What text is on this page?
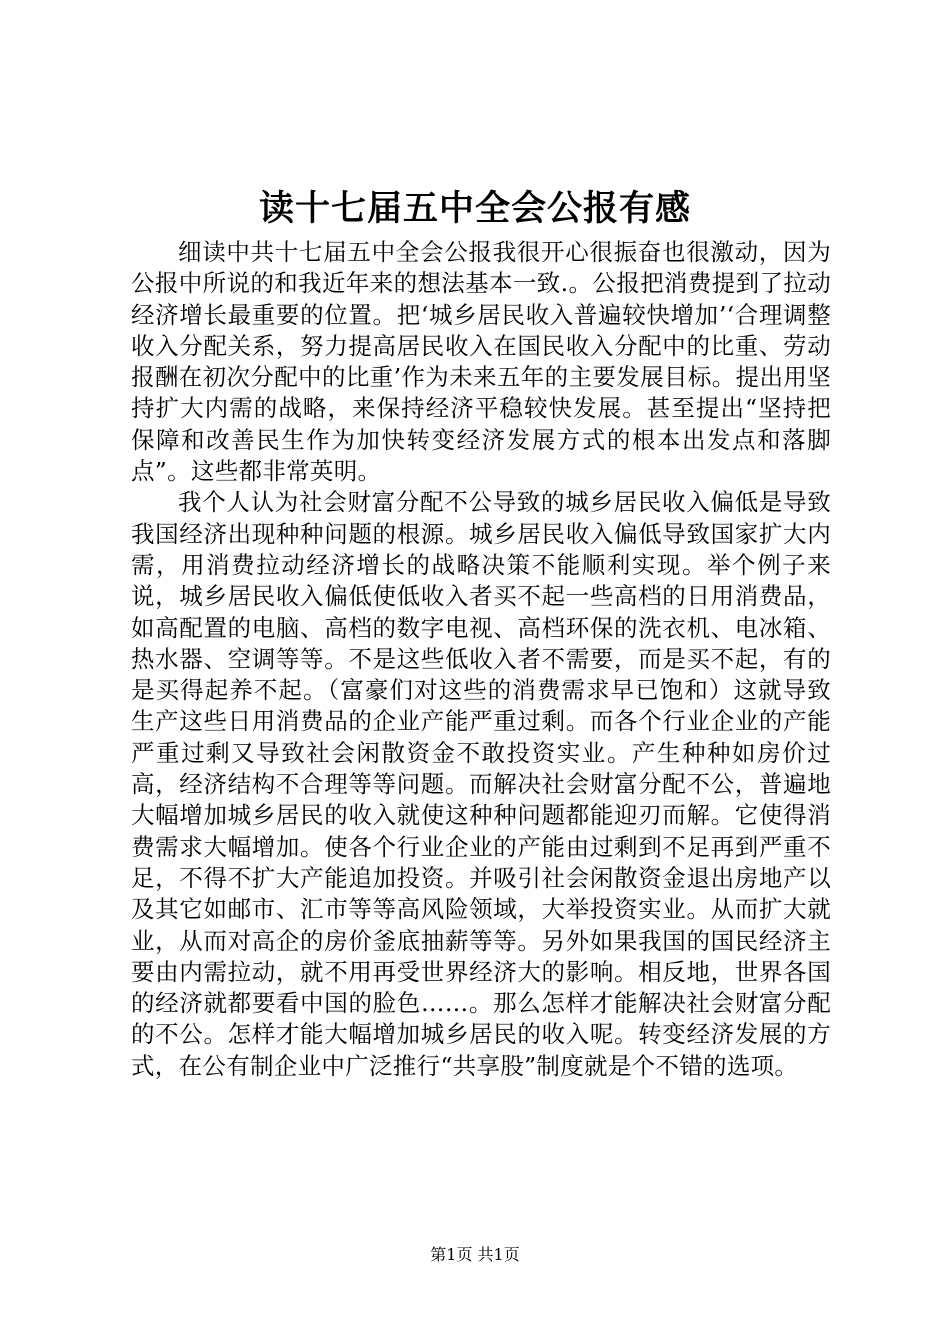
读十七届五中全会公报有感

细读中共十七届五中全会公报我很开心很振奋也很激动，因为公报中所说的和我近年来的想法基本一致.。公报把消费提到了拉动经济增长最重要的位置。把‘城乡居民收入普遍较快增加’‘合理调整收入分配关系，努力提高居民收入在国民收入分配中的比重、劳动报酬在初次分配中的比重’作为未来五年的主要发展目标。提出用坚持扩大内需的战略，来保持经济平稳较快发展。甚至提出“坚持把保障和改善民生作为加快转变经济发展方式的根本出发点和落脚点”。这些都非常英明。

我个人认为社会财富分配不公导致的城乡居民收入偏低是导致我国经济出现种种问题的根源。城乡居民收入偏低导致国家扩大内需，用消费拉动经济增长的战略决策不能顺利实现。举个例子来说，城乡居民收入偏低使低收入者买不起一些高档的日用消费品，如高配置的电脑、高档的数字电视、高档环保的洗衣机、电冰箱、热水器、空调等等。不是这些低收入者不需要，而是买不起，有的是买得起养不起。（富豪们对这些的消费需求早已饱和）这就导致生产这些日用消费品的企业产能严重过剩。而各个行业企业的产能严重过剩又导致社会闲散资金不敢投资实业。产生种种如房价过高，经济结构不合理等等问题。而解决社会财富分配不公，普遍地大幅增加城乡居民的收入就使这种种问题都能迎刃而解。它使得消费需求大幅增加。使各个行业企业的产能由过剩到不足再到严重不足，不得不扩大产能追加投资。并吸引社会闲散资金退出房地产以及其它如邮市、汇市等等高风险领域，大举投资实业。从而扩大就业，从而对高企的房价釜底抽薪等等。另外如果我国的国民经济主要由内需拉动，就不用再受世界经济大的影响。相反地，世界各国的经济就都要看中国的脸色……。那么怎样才能解决社会财富分配的不公。怎样才能大幅增加城乡居民的收入呢。转变经济发展的方式，在公有制企业中广泛推行“共享股”制度就是个不错的选项。

第1页 共1页
